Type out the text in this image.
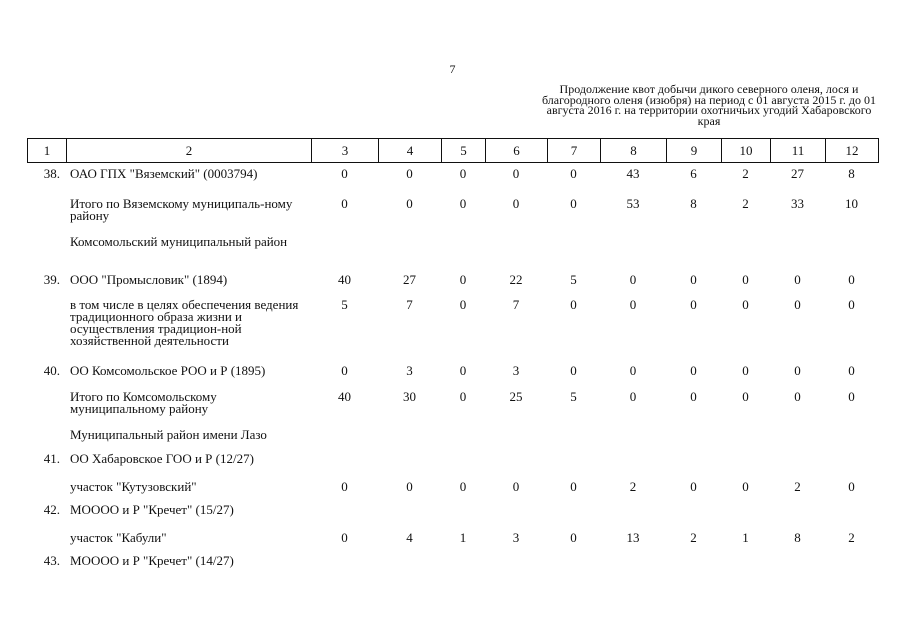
7
Продолжение квот добычи дикого северного оленя, лося и благородного оленя (изюбря) на период с 01 августа 2015 г. до 01 августа 2016 г. на территории охотничьих угодий Хабаровского края
1	2	3	4	5	6	7	8	9	10	11	12
38.	ОАО ГПХ "Вяземский" (0003794)	0	0	0	0	0	43	6	2	27	8

	Итого по Вяземскому муниципаль-ному району	0	0	0	0	0	53	8	2	33	10

	Комсомольский муниципальный район										

39.	ООО "Промысловик" (1894)	40	27	0	22	5	0	0	0	0	0

	в том числе в целях обеспечения ведения традиционного образа жизни и осуществления традицион-ной хозяйственной деятельности	5	7	0	7	0	0	0	0	0	0
40.	ОО Комсомольское РОО и Р (1895)	0	3	0	3	0	0	0	0	0	0

	Итого по Комсомольскому муниципальному району	40	30	0	25	5	0	0	0	0	0

	Муниципальный район имени Лазо										

41.	ОО Хабаровское ГОО и Р (12/27)										

	участок "Кутузовский"	0	0	0	0	0	2	0	0	2	0
42.	МОООО и Р "Кречет" (15/27)										

	участок "Кабули"	0	4	1	3	0	13	2	1	8	2
43.	МОООО и Р "Кречет" (14/27)										
